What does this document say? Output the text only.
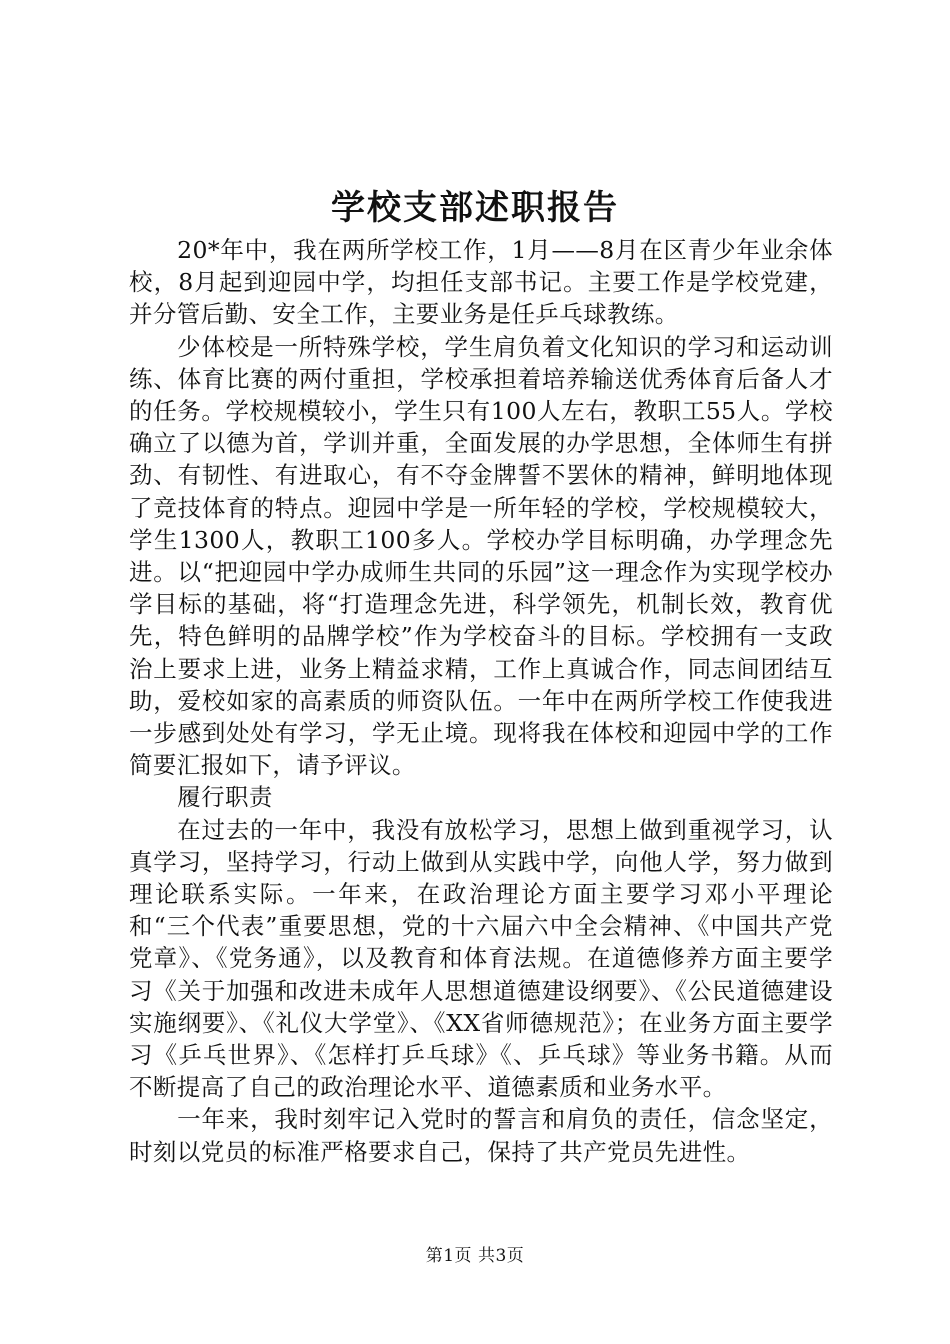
学校支部述职报告

20*年中，我在两所学校工作，1月——8月在区青少年业余体校，8月起到迎园中学，均担任支部书记。主要工作是学校党建，并分管后勤、安全工作，主要业务是任乒乓球教练。

少体校是一所特殊学校，学生肩负着文化知识的学习和运动训练、体育比赛的两付重担，学校承担着培养输送优秀体育后备人才的任务。学校规模较小，学生只有100人左右，教职工55人。学校确立了以德为首，学训并重，全面发展的办学思想，全体师生有拼劲、有韧性、有进取心，有不夺金牌誓不罢休的精神，鲜明地体现了竞技体育的特点。迎园中学是一所年轻的学校，学校规模较大，学生1300人，教职工100多人。学校办学目标明确，办学理念先进。以“把迎园中学办成师生共同的乐园”这一理念作为实现学校办学目标的基础，将“打造理念先进，科学领先，机制长效，教育优先，特色鲜明的品牌学校”作为学校奋斗的目标。学校拥有一支政治上要求上进，业务上精益求精，工作上真诚合作，同志间团结互助，爱校如家的高素质的师资队伍。一年中在两所学校工作使我进一步感到处处有学习，学无止境。现将我在体校和迎园中学的工作简要汇报如下，请予评议。

履行职责

在过去的一年中，我没有放松学习，思想上做到重视学习，认真学习，坚持学习，行动上做到从实践中学，向他人学，努力做到理论联系实际。一年来，在政治理论方面主要学习邓小平理论和“三个代表”重要思想，党的十六届六中全会精神、《中国共产党党章》、《党务通》，以及教育和体育法规。在道德修养方面主要学习《关于加强和改进未成年人思想道德建设纲要》、《公民道德建设实施纲要》、《礼仪大学堂》、《XX省师德规范》；在业务方面主要学习《乒乓世界》、《怎样打乒乓球》《、乒乓球》等业务书籍。从而不断提高了自己的政治理论水平、道德素质和业务水平。

一年来，我时刻牢记入党时的誓言和肩负的责任，信念坚定，时刻以党员的标准严格要求自己，保持了共产党员先进性。

第1页 共3页
